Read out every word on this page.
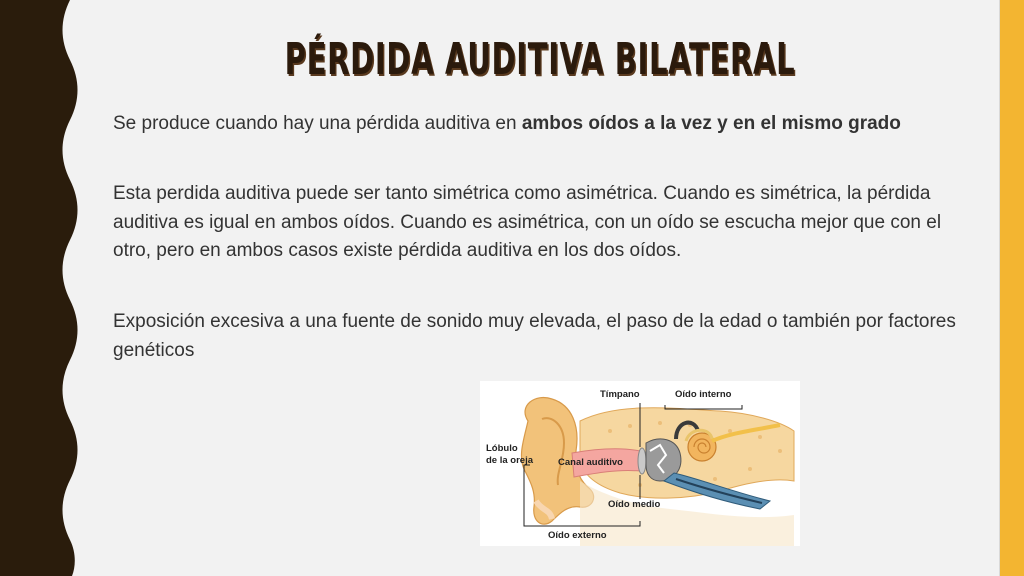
PÉRDIDA AUDITIVA BILATERAL

Se produce cuando hay una pérdida auditiva en ambos oídos a la vez y en el mismo grado

Esta perdida auditiva puede ser tanto simétrica como asimétrica. Cuando es simétrica, la pérdida auditiva es igual en ambos oídos. Cuando es asimétrica, con un oído se escucha mejor que con el otro, pero en ambos casos existe pérdida auditiva en los dos oídos.

Exposición excesiva a una fuente de sonido muy elevada, el paso de la edad o también por factores genéticos

Tímpano	Oído interno
Lóbulo
de la oreja	Canal auditivo
Oído medio
Oído externo
